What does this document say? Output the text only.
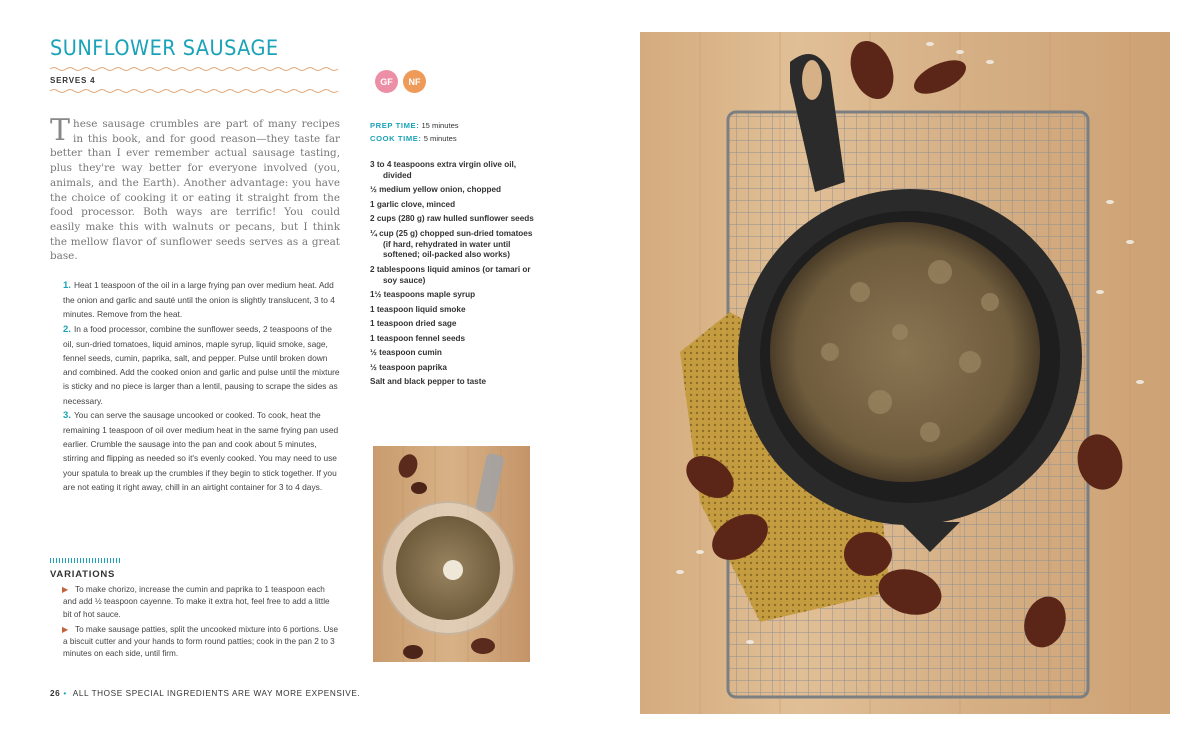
SUNFLOWER SAUSAGE
SERVES 4	GF	NF

These sausage crumbles are part of many recipes in this book, and for good reason—they taste far better than I ever remember actual sausage tasting, plus they're way better for everyone involved (you, animals, and the Earth). Another advantage: you have the choice of cooking it or eating it straight from the food processor. Both ways are terrific! You could easily make this with walnuts or pecans, but I think the mellow flavor of sunflower seeds serves as a great base.

1. Heat 1 teaspoon of the oil in a large frying pan over medium heat. Add the onion and garlic and sauté until the onion is slightly translucent, 3 to 4 minutes. Remove from the heat.

2. In a food processor, combine the sunflower seeds, 2 teaspoons of the oil, sun-dried tomatoes, liquid aminos, maple syrup, liquid smoke, sage, fennel seeds, cumin, paprika, salt, and pepper. Pulse until broken down and combined. Add the cooked onion and garlic and pulse until the mixture is sticky and no piece is larger than a lentil, pausing to scrape the sides as necessary.

3. You can serve the sausage uncooked or cooked. To cook, heat the remaining 1 teaspoon of oil over medium heat in the same frying pan used earlier. Crumble the sausage into the pan and cook about 5 minutes, stirring and flipping as needed so it's evenly cooked. You may need to use your spatula to break up the crumbles if they begin to stick together. If you are not eating it right away, chill in an airtight container for 3 to 4 days.

VARIATIONS
▶ To make chorizo, increase the cumin and paprika to 1 teaspoon each and add ½ teaspoon cayenne. To make it extra hot, feel free to add a little bit of hot sauce.
▶ To make sausage patties, split the uncooked mixture into 6 portions. Use a biscuit cutter and your hands to form round patties; cook in the pan 2 to 3 minutes on each side, until firm.
26 • ALL THOSE SPECIAL INGREDIENTS ARE WAY MORE EXPENSIVE.
PREP TIME: 15 minutes
COOK TIME: 5 minutes
3 to 4 teaspoons extra virgin olive oil, divided
½ medium yellow onion, chopped
1 garlic clove, minced
2 cups (280 g) raw hulled sunflower seeds
¼ cup (25 g) chopped sun-dried tomatoes (if hard, rehydrated in water until softened; oil-packed also works)
2 tablespoons liquid aminos (or tamari or soy sauce)
1½ teaspoons maple syrup
1 teaspoon liquid smoke
1 teaspoon dried sage
1 teaspoon fennel seeds
½ teaspoon cumin
½ teaspoon paprika
Salt and black pepper to taste
